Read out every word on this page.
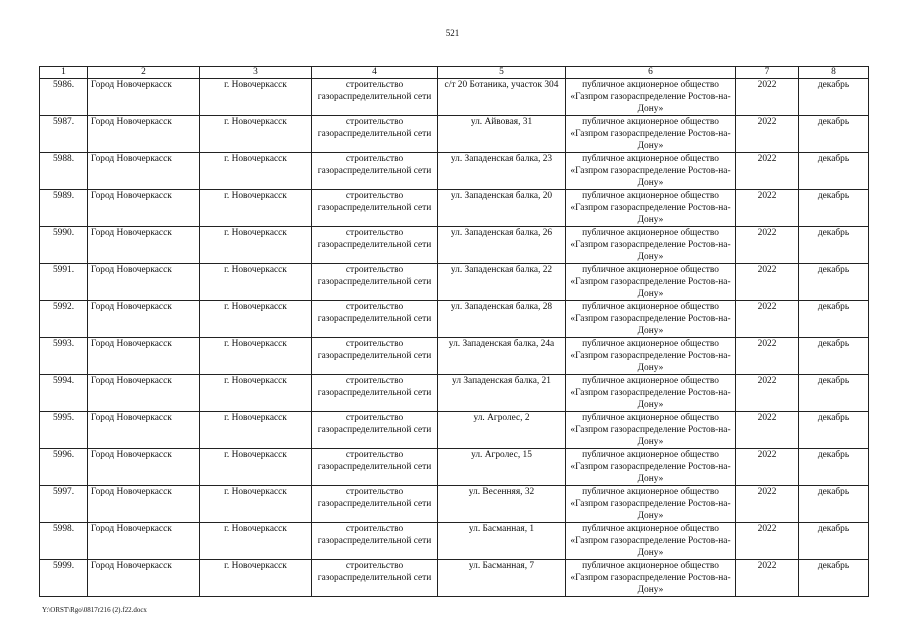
521
1	2	3	4	5	6	7	8
5986.	Город Новочеркасск	г. Новочеркасск	строительство газораспределительной сети	с/т 20 Ботаника, участок 304	публичное акционерное общество «Газпром газораспределение Ростов-на-Дону»	2022	декабрь
5987.	Город Новочеркасск	г. Новочеркасск	строительство газораспределительной сети	ул. Айвовая, 31	публичное акционерное общество «Газпром газораспределение Ростов-на-Дону»	2022	декабрь
5988.	Город Новочеркасск	г. Новочеркасск	строительство газораспределительной сети	ул. Западенская балка, 23	публичное акционерное общество «Газпром газораспределение Ростов-на-Дону»	2022	декабрь
5989.	Город Новочеркасск	г. Новочеркасск	строительство газораспределительной сети	ул. Западенская балка, 20	публичное акционерное общество «Газпром газораспределение Ростов-на-Дону»	2022	декабрь
5990.	Город Новочеркасск	г. Новочеркасск	строительство газораспределительной сети	ул. Западенская балка, 26	публичное акционерное общество «Газпром газораспределение Ростов-на-Дону»	2022	декабрь
5991.	Город Новочеркасск	г. Новочеркасск	строительство газораспределительной сети	ул. Западенская балка, 22	публичное акционерное общество «Газпром газораспределение Ростов-на-Дону»	2022	декабрь
5992.	Город Новочеркасск	г. Новочеркасск	строительство газораспределительной сети	ул. Западенская балка, 28	публичное акционерное общество «Газпром газораспределение Ростов-на-Дону»	2022	декабрь
5993.	Город Новочеркасск	г. Новочеркасск	строительство газораспределительной сети	ул. Западенская балка, 24а	публичное акционерное общество «Газпром газораспределение Ростов-на-Дону»	2022	декабрь
5994.	Город Новочеркасск	г. Новочеркасск	строительство газораспределительной сети	ул Западенская балка, 21	публичное акционерное общество «Газпром газораспределение Ростов-на-Дону»	2022	декабрь
5995.	Город Новочеркасск	г. Новочеркасск	строительство газораспределительной сети	ул. Агролес, 2	публичное акционерное общество «Газпром газораспределение Ростов-на-Дону»	2022	декабрь
5996.	Город Новочеркасск	г. Новочеркасск	строительство газораспределительной сети	ул. Агролес, 15	публичное акционерное общество «Газпром газораспределение Ростов-на-Дону»	2022	декабрь
5997.	Город Новочеркасск	г. Новочеркасск	строительство газораспределительной сети	ул. Весенняя, 32	публичное акционерное общество «Газпром газораспределение Ростов-на-Дону»	2022	декабрь
5998.	Город Новочеркасск	г. Новочеркасск	строительство газораспределительной сети	ул. Басманная, 1	публичное акционерное общество «Газпром газораспределение Ростов-на-Дону»	2022	декабрь
5999.	Город Новочеркасск	г. Новочеркасск	строительство газораспределительной сети	ул. Басманная, 7	публичное акционерное общество «Газпром газораспределение Ростов-на-Дону»	2022	декабрь
Y:\ORST\Rgo\0817r216 (2).f22.docx
